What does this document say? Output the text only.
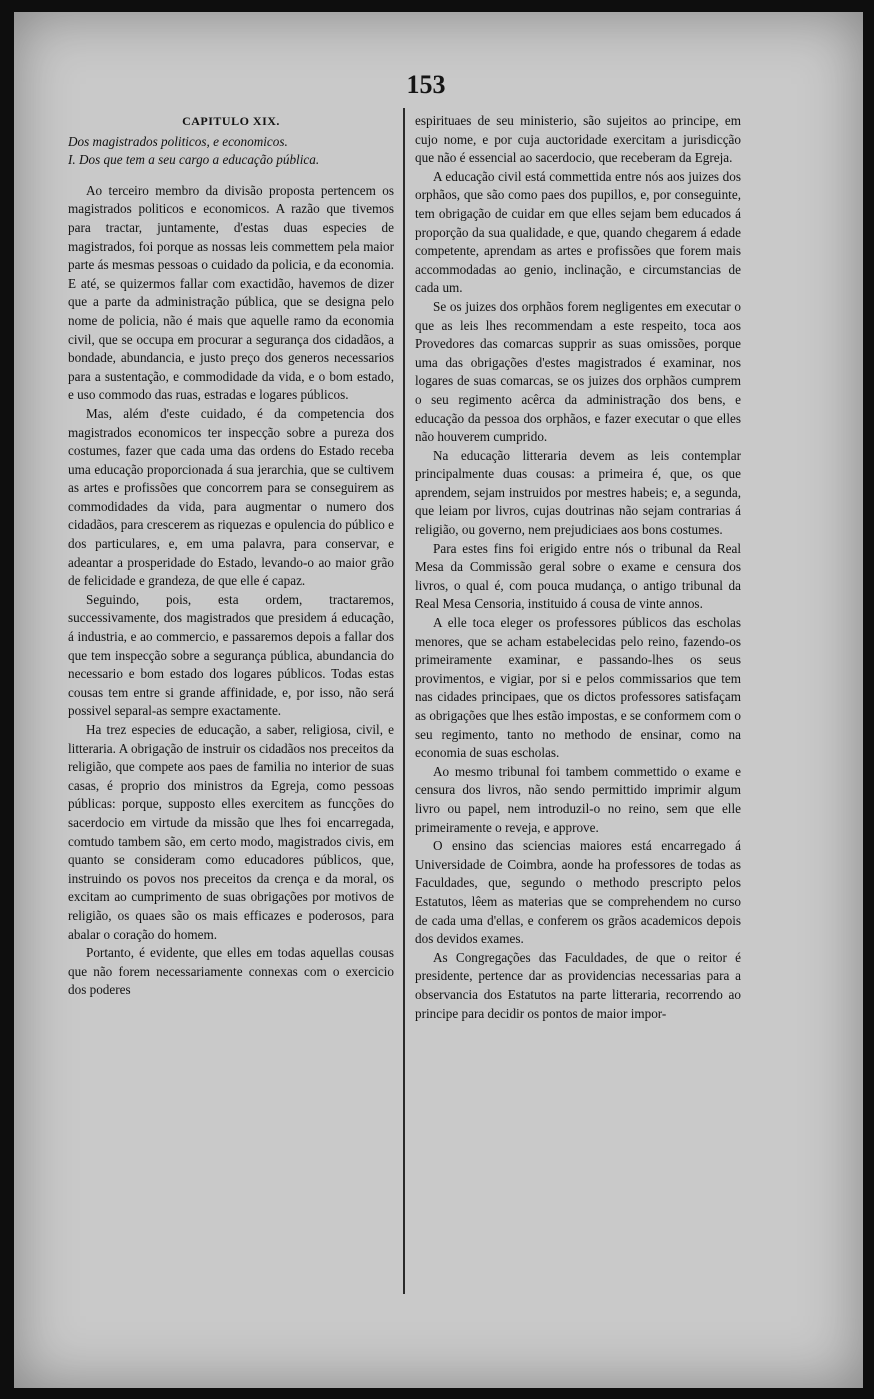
153
CAPITULO XIX.
Dos magistrados politicos, e economicos.
I. Dos que tem a seu cargo a educação pública.

Ao terceiro membro da divisão proposta pertencem os magistrados politicos e economicos. A razão que tivemos para tractar, juntamente, d'estas duas especies de magistrados, foi porque as nossas leis commettem pela maior parte ás mesmas pessoas o cuidado da policia, e da economia. E até, se quizermos fallar com exactidão, havemos de dizer que a parte da administração pública, que se designa pelo nome de policia, não é mais que aquelle ramo da economia civil, que se occupa em procurar a segurança dos cidadãos, a bondade, abundancia, e justo preço dos generos necessarios para a sustentação, e commodidade da vida, e o bom estado, e uso commodo das ruas, estradas e logares públicos.

Mas, além d'este cuidado, é da competencia dos magistrados economicos ter inspecção sobre a pureza dos costumes, fazer que cada uma das ordens do Estado receba uma educação proporcionada á sua jerarchia, que se cultivem as artes e profissões que concorrem para se conseguirem as commodidades da vida, para augmentar o numero dos cidadãos, para crescerem as riquezas e opulencia do público e dos particulares, e, em uma palavra, para conservar, e adeantar a prosperidade do Estado, levando-o ao maior grão de felicidade e grandeza, de que elle é capaz.

Seguindo, pois, esta ordem, tractaremos, successivamente, dos magistrados que presidem á educação, á industria, e ao commercio, e passaremos depois a fallar dos que tem inspecção sobre a segurança pública, abundancia do necessario e bom estado dos logares públicos. Todas estas cousas tem entre si grande affinidade, e, por isso, não será possivel separal-as sempre exactamente.

Ha trez especies de educação, a saber, religiosa, civil, e litteraria. A obrigação de instruir os cidadãos nos preceitos da religião, que compete aos paes de familia no interior de suas casas, é proprio dos ministros da Egreja, como pessoas públicas: porque, supposto elles exercitem as funcções do sacerdocio em virtude da missão que lhes foi encarregada, comtudo tambem são, em certo modo, magistrados civis, em quanto se consideram como educadores públicos, que, instruindo os povos nos preceitos da crença e da moral, os excitam ao cumprimento de suas obrigações por motivos de religião, os quaes são os mais efficazes e poderosos, para abalar o coração do homem.

Portanto, é evidente, que elles em todas aquellas cousas que não forem necessariamente connexas com o exercicio dos poderes

espirituaes de seu ministerio, são sujeitos ao principe, em cujo nome, e por cuja auctoridade exercitam a jurisdicção que não é essencial ao sacerdocio, que receberam da Egreja.

A educação civil está commettida entre nós aos juizes dos orphãos, que são como paes dos pupillos, e, por conseguinte, tem obrigação de cuidar em que elles sejam bem educados á proporção da sua qualidade, e que, quando chegarem á edade competente, aprendam as artes e profissões que forem mais accommodadas ao genio, inclinação, e circumstancias de cada um.

Se os juizes dos orphãos forem negligentes em executar o que as leis lhes recommendam a este respeito, toca aos Provedores das comarcas supprir as suas omissões, porque uma das obrigações d'estes magistrados é examinar, nos logares de suas comarcas, se os juizes dos orphãos cumprem o seu regimento acêrca da administração dos bens, e educação da pessoa dos orphãos, e fazer executar o que elles não houverem cumprido.

Na educação litteraria devem as leis contemplar principalmente duas cousas: a primeira é, que, os que aprendem, sejam instruidos por mestres habeis; e, a segunda, que leiam por livros, cujas doutrinas não sejam contrarias á religião, ou governo, nem prejudiciaes aos bons costumes.

Para estes fins foi erigido entre nós o tribunal da Real Mesa da Commissão geral sobre o exame e censura dos livros, o qual é, com pouca mudança, o antigo tribunal da Real Mesa Censoria, instituido á cousa de vinte annos.

A elle toca eleger os professores públicos das escholas menores, que se acham estabelecidas pelo reino, fazendo-os primeiramente examinar, e passando-lhes os seus provimentos, e vigiar, por si e pelos commissarios que tem nas cidades principaes, que os dictos professores satisfaçam as obrigações que lhes estão impostas, e se conformem com o seu regimento, tanto no methodo de ensinar, como na economia de suas escholas.

Ao mesmo tribunal foi tambem commettido o exame e censura dos livros, não sendo permittido imprimir algum livro ou papel, nem introduzil-o no reino, sem que elle primeiramente o reveja, e approve.

O ensino das sciencias maiores está encarregado á Universidade de Coimbra, aonde ha professores de todas as Faculdades, que, segundo o methodo prescripto pelos Estatutos, lêem as materias que se comprehendem no curso de cada uma d'ellas, e conferem os grãos academicos depois dos devidos exames.

As Congregações das Faculdades, de que o reitor é presidente, pertence dar as providencias necessarias para a observancia dos Estatutos na parte litteraria, recorrendo ao principe para decidir os pontos de maior impor-
